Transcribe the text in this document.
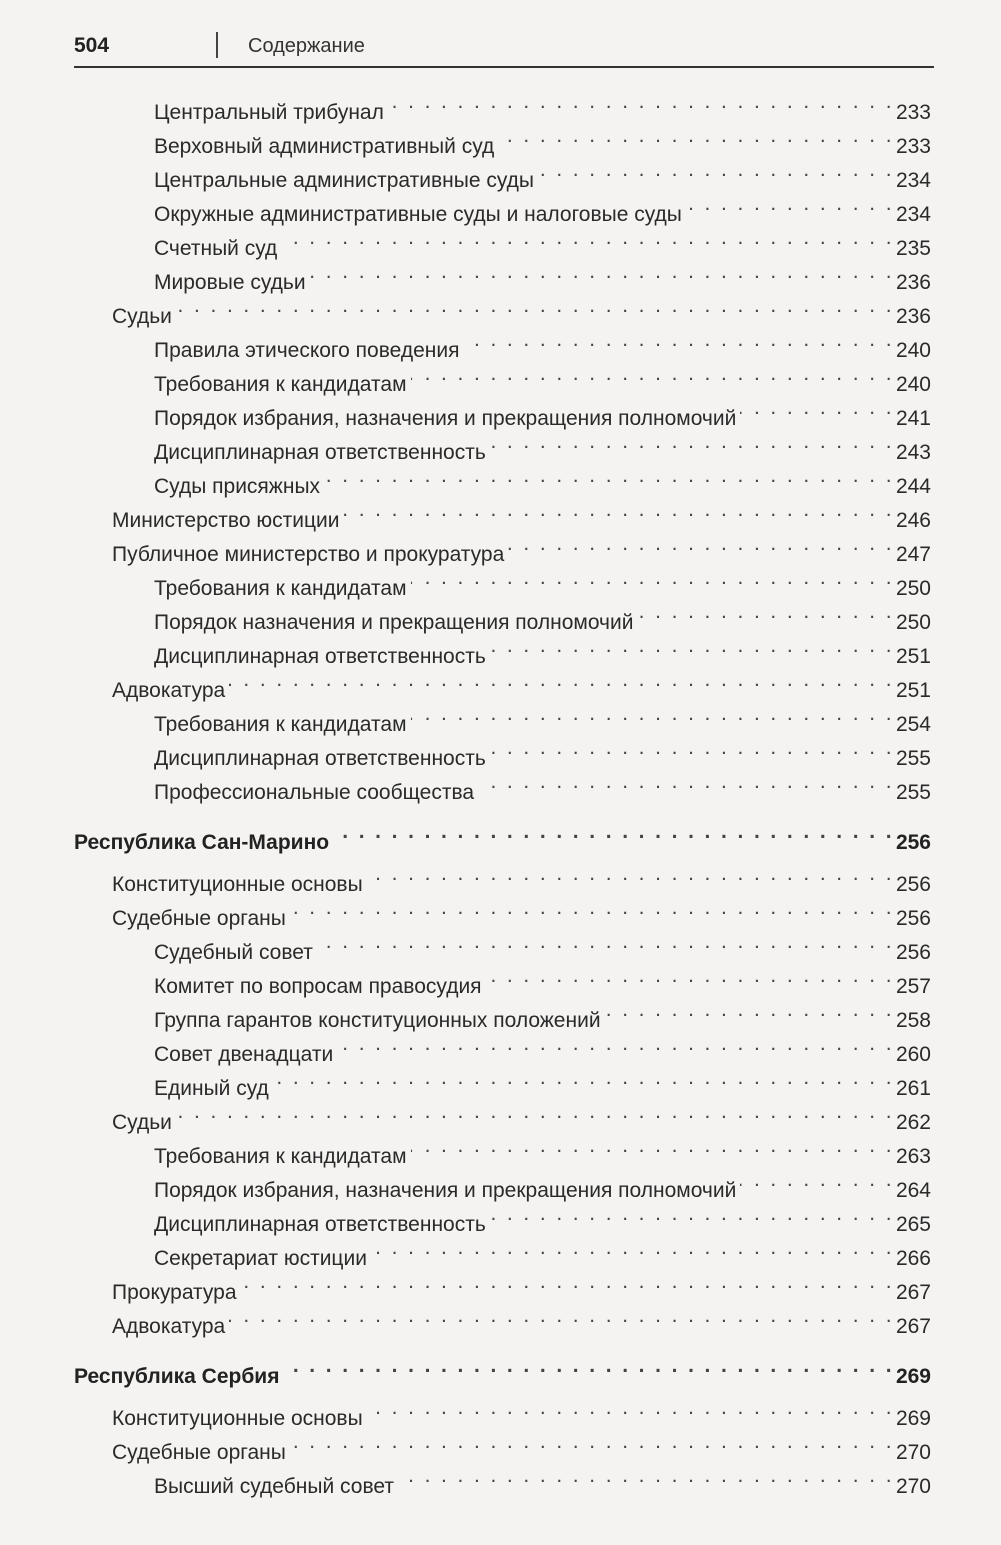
504	Содержание
Центральный трибунал . . .	233
Верховный административный суд . . .	233
Центральные административные суды . . .	234
Окружные административные суды и налоговые суды . . .	234
Счетный суд . . .	235
Мировые судьи . . .	236
Судьи . . .	236
Правила этического поведения . . .	240
Требования к кандидатам . . .	240
Порядок избрания, назначения и прекращения полномочий . . .	241
Дисциплинарная ответственность . . .	243
Суды присяжных . . .	244
Министерство юстиции . . .	246
Публичное министерство и прокуратура . . .	247
Требования к кандидатам . . .	250
Порядок назначения и прекращения полномочий . . .	250
Дисциплинарная ответственность . . .	251
Адвокатура . . .	251
Требования к кандидатам . . .	254
Дисциплинарная ответственность . . .	255
Профессиональные сообщества . . .	255
Республика Сан-Марино . . .	256
Конституционные основы . . .	256
Судебные органы . . .	256
Судебный совет . . .	256
Комитет по вопросам правосудия . . .	257
Группа гарантов конституционных положений . . .	258
Совет двенадцати . . .	260
Единый суд . . .	261
Судьи . . .	262
Требования к кандидатам . . .	263
Порядок избрания, назначения и прекращения полномочий . . .	264
Дисциплинарная ответственность . . .	265
Секретариат юстиции . . .	266
Прокуратура . . .	267
Адвокатура . . .	267
Республика Сербия . . .	269
Конституционные основы . . .	269
Судебные органы . . .	270
Высший судебный совет . . .	270
